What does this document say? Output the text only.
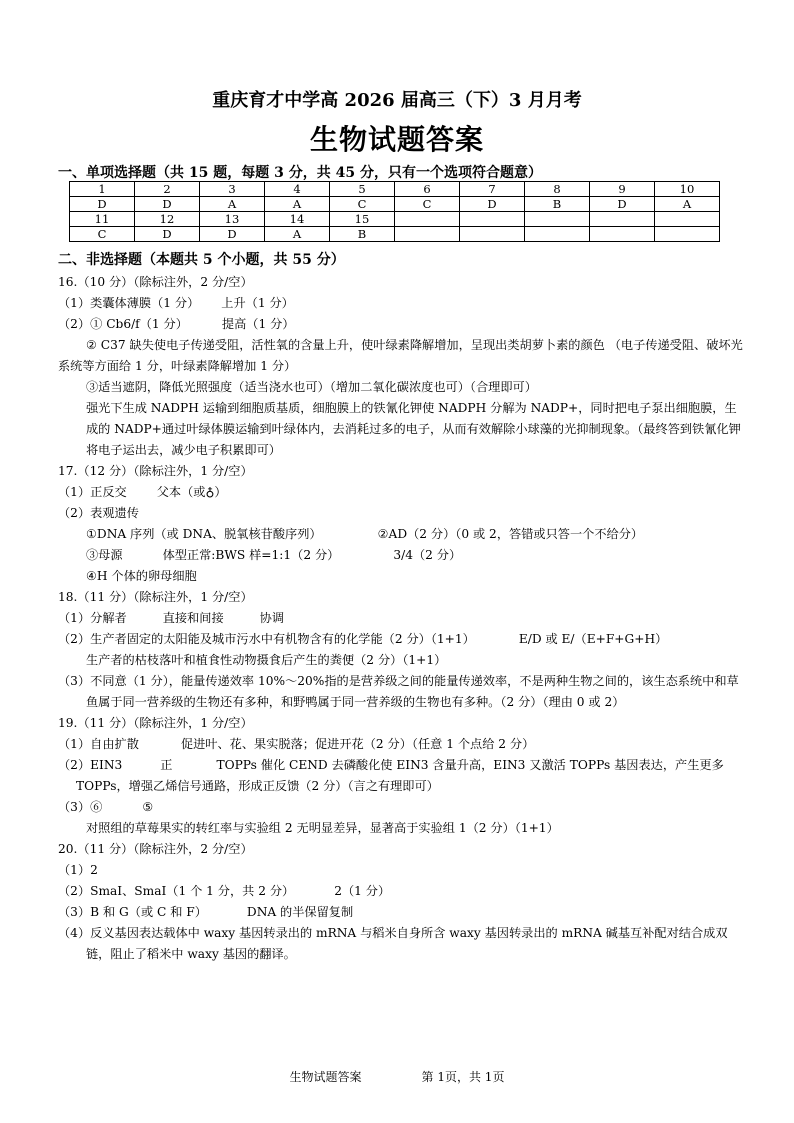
重庆育才中学高 2026 届高三（下）3 月月考
生物试题答案
一、单项选择题（共 15 题，每题 3 分，共 45 分，只有一个选项符合题意）
1	2	3	4	5	6	7	8	9	10
D	D	A	A	C	C	D	B	D	A
11	12	13	14	15					
C	D	D	A	B					
二、非选择题（本题共 5 个小题，共 55 分）
16.（10 分）（除标注外，2 分/空）
（1）类囊体薄膜（1 分） 上升（1 分）
（2）① Cb6/f（1 分）	提高（1 分）
② C37 缺失使电子传递受阻，活性氧的含量上升，使叶绿素降解增加，呈现出类胡萝卜素的颜色 （电子传递受阻、破坏光系统等方面给 1 分，叶绿素降解增加 1 分）
③适当遮阴，降低光照强度（适当浇水也可）（增加二氧化碳浓度也可）（合理即可）
强光下生成 NADPH 运输到细胞质基质，细胞膜上的铁氰化钾使 NADPH 分解为 NADP+，同时把电子泵出细胞膜，生成的 NADP+通过叶绿体膜运输到叶绿体内，去消耗过多的电子，从而有效解除小球藻的光抑制现象。（最终答到铁氰化钾将电子运出去，减少电子积累即可）
17.（12 分）（除标注外，1 分/空）
（1）正反交 父本（或♁）
（2）表观遗传
①DNA 序列（或 DNA、脱氧核苷酸序列）	②AD（2 分）（0 或 2，答错或只答一个不给分）
③母源	体型正常:BWS 样=1:1（2 分）	3/4（2 分）
④H 个体的卵母细胞
18.（11 分）（除标注外，1 分/空）
（1）分解者	直接和间接	协调
（2）生产者固定的太阳能及城市污水中有机物含有的化学能（2 分）（1+1）	E/D 或 E/（E+F+G+H）
生产者的枯枝落叶和植食性动物摄食后产生的粪便（2 分）（1+1）
（3）不同意（1 分），能量传递效率 10%～20%指的是营养级之间的能量传递效率，不是两种生物之间的，该生态系统中和草鱼属于同一营养级的生物还有多种，和野鸭属于同一营养级的生物也有多种。（2 分）（理由 0 或 2）
19.（11 分）（除标注外，1 分/空）
（1）自由扩散	促进叶、花、果实脱落；促进开花（2 分）（任意 1 个点给 2 分）
（2）EIN3	正	TOPPs 催化 CEND 去磷酸化使 EIN3 含量升高，EIN3 又激活 TOPPs 基因表达，产生更多 TOPPs，增强乙烯信号通路，形成正反馈（2 分）（言之有理即可）
（3）⑥	⑤
对照组的草莓果实的转红率与实验组 2 无明显差异，显著高于实验组 1（2 分）（1+1）
20.（11 分）（除标注外，2 分/空）
（1）2
（2）SmaⅠ、SmaⅠ（1 个 1 分，共 2 分）	2（1 分）
（3）B 和 G（或 C 和 F）	DNA 的半保留复制
（4）反义基因表达载体中 waxy 基因转录出的 mRNA 与稻米自身所含 waxy 基因转录出的 mRNA 碱基互补配对结合成双链，阻止了稻米中 waxy 基因的翻译。
生物试题答案	第 1页，共 1页
